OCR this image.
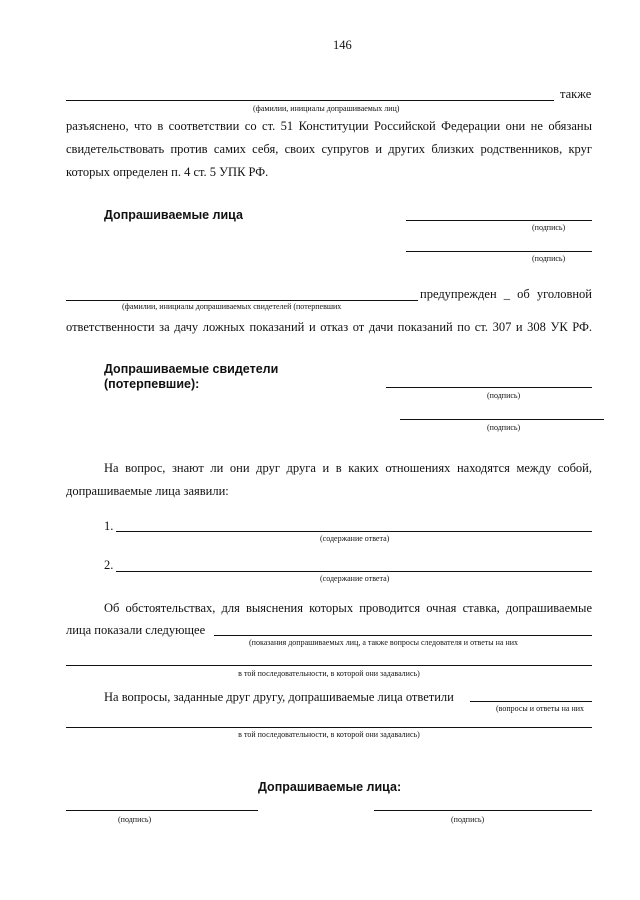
146
также
(фамилии, инициалы допрашиваемых лиц)
разъяснено, что в соответствии со ст. 51 Конституции Российской Федерации они не обязаны
свидетельствовать против самих себя, своих супругов и других близких родственников, круг
которых определен п. 4 ст. 5 УПК РФ.
Допрашиваемые лица
(подпись)
(подпись)
предупрежден _ об уголовной
(фамилии, инициалы допрашиваемых свидетелей (потерпевших
ответственности за дачу ложных показаний и отказ от дачи показаний по ст. 307 и 308 УК РФ.
Допрашиваемые свидетели
(потерпевшие):
(подпись)
(подпись)
На вопрос, знают ли они друг друга и в каких отношениях находятся между собой,
допрашиваемые лица заявили:
1.
(содержание ответа)
2.
(содержание ответа)
Об обстоятельствах, для выяснения которых проводится очная ставка, допрашиваемые
лица показали следующее
(показания допрашиваемых лиц, а также вопросы следователя и ответы на них
в той последовательности, в которой они задавались)
На вопросы, заданные друг другу, допрашиваемые лица ответили
(вопросы и ответы на них
в той последовательности, в которой они задавались)
Допрашиваемые лица:
(подпись)	(подпись)
